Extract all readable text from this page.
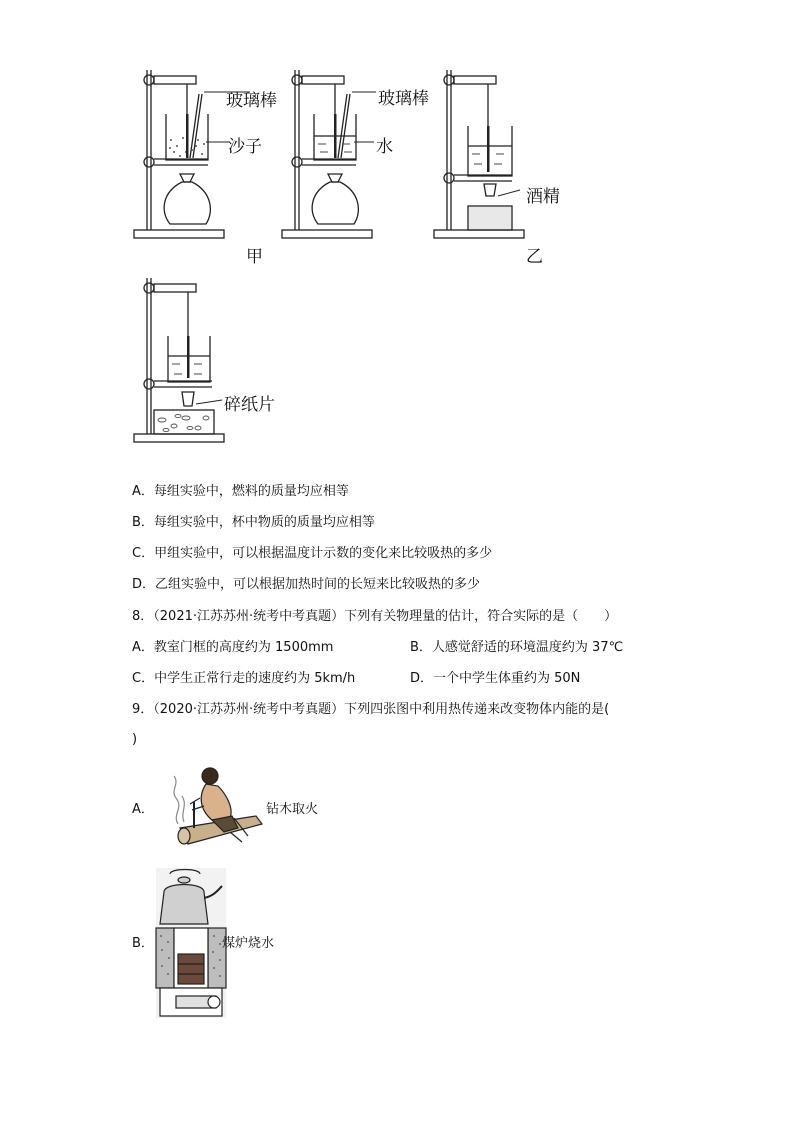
玻璃棒
沙子
玻璃棒
水
酒精
甲	乙
碎纸片
A．每组实验中，燃料的质量均应相等
B．每组实验中，杯中物质的质量均应相等
C．甲组实验中，可以根据温度计示数的变化来比较吸热的多少
D．乙组实验中，可以根据加热时间的长短来比较吸热的多少
8．（2021·江苏苏州·统考中考真题）下列有关物理量的估计，符合实际的是（　　）
A．教室门框的高度约为 1500mm	B．人感觉舒适的环境温度约为 37℃
C．中学生正常行走的速度约为 5km/h	D．一个中学生体重约为 50N
9．（2020·江苏苏州·统考中考真题）下列四张图中利用热传递来改变物体内能的是(
)
A．	钻木取火
B．	煤炉烧水
